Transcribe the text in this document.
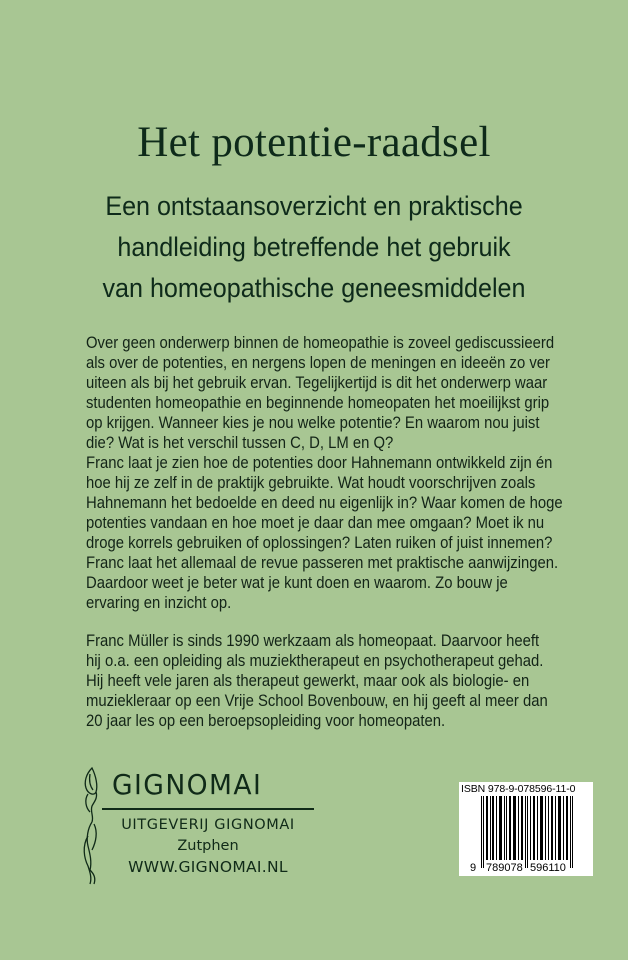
Het potentie-raadsel
Een ontstaansoverzicht en praktische
handleiding betreffende het gebruik
van homeopathische geneesmiddelen
Over geen onderwerp binnen de homeopathie is zoveel gediscussieerd
als over de potenties, en nergens lopen de meningen en ideeën zo ver
uiteen als bij het gebruik ervan. Tegelijkertijd is dit het onderwerp waar
studenten homeopathie en beginnende homeopaten het moeilijkst grip
op krijgen. Wanneer kies je nou welke potentie? En waarom nou juist
die? Wat is het verschil tussen C, D, LM en Q?
Franc laat je zien hoe de potenties door Hahnemann ontwikkeld zijn én
hoe hij ze zelf in de praktijk gebruikte. Wat houdt voorschrijven zoals
Hahnemann het bedoelde en deed nu eigenlijk in? Waar komen de hoge
potenties vandaan en hoe moet je daar dan mee omgaan? Moet ik nu
droge korrels gebruiken of oplossingen? Laten ruiken of juist innemen?
Franc laat het allemaal de revue passeren met praktische aanwijzingen.
Daardoor weet je beter wat je kunt doen en waarom. Zo bouw je
ervaring en inzicht op.
Franc Müller is sinds 1990 werkzaam als homeopaat. Daarvoor heeft
hij o.a. een opleiding als muziektherapeut en psychotherapeut gehad.
Hij heeft vele jaren als therapeut gewerkt, maar ook als biologie- en
muziekleraar op een Vrije School Bovenbouw, en hij geeft al meer dan
20 jaar les op een beroepsopleiding voor homeopaten.
GIGNOMAI
UITGEVERIJ GIGNOMAI
Zutphen
WWW.GIGNOMAI.NL
ISBN 978-9-078596-11-0
9 789078 596110
